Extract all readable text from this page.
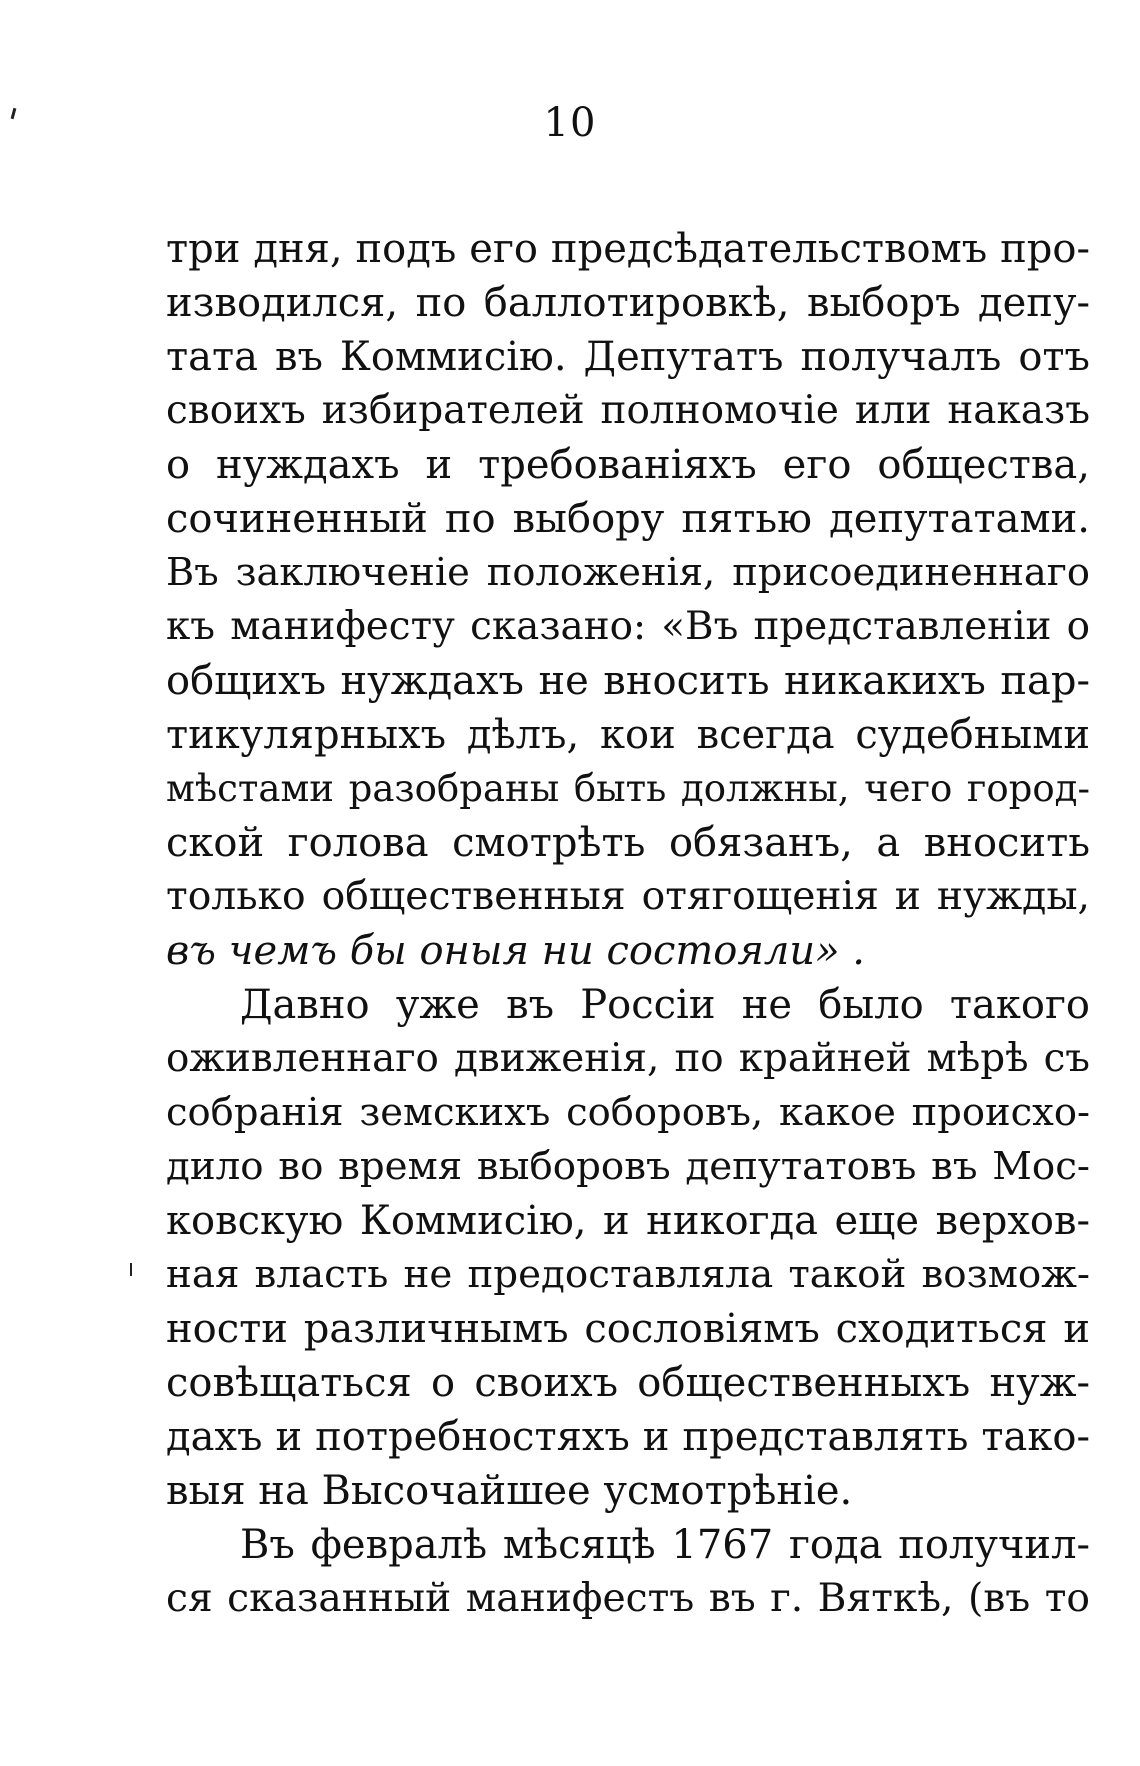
10
три дня, подъ его предсѣдательствомъ про-
изводился, по баллотировкѣ, выборъ депу-
тата въ Коммисію. Депутатъ получалъ отъ
своихъ избирателей полномочіе или наказъ
о нуждахъ и требованіяхъ его общества,
сочиненный по выбору пятью депутатами.
Въ заключеніе положенія, присоединеннаго
къ манифесту сказано: «Въ представленіи о
общихъ нуждахъ не вносить никакихъ пар-
тикулярныхъ дѣлъ, кои всегда судебными
мѣстами разобраны быть должны, чего город-
ской голова смотрѣть обязанъ, а вносить
только общественныя отягощенія и нужды,
въ чемъ бы оныя ни состояли» .
Давно уже въ Россіи не было такого
оживленнаго движенія, по крайней мѣрѣ съ
собранія земскихъ соборовъ, какое происхо-
дило во время выборовъ депутатовъ въ Мос-
ковскую Коммисію, и никогда еще верхов-
ная власть не предоставляла такой возмож-
ности различнымъ сословіямъ сходиться и
совѣщаться о своихъ общественныхъ нуж-
дахъ и потребностяхъ и представлять тако-
выя на Высочайшее усмотрѣніе.
Въ февралѣ мѣсяцѣ 1767 года получил-
ся сказанный манифестъ въ г. Вяткѣ, (въ то
